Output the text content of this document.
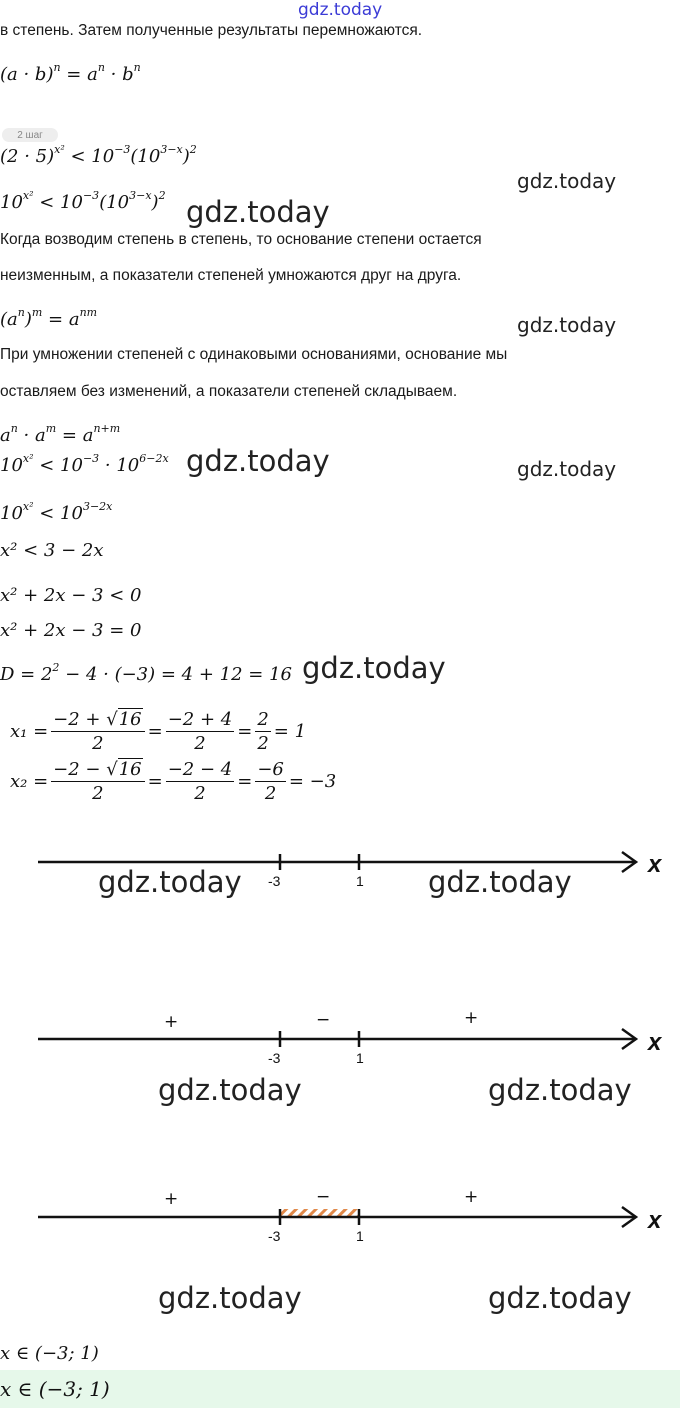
gdz.today
в степень. Затем полученные результаты перемножаются.
$(a \cdot b)^n = a^n \cdot b^n$
2 шаг
$(2 \cdot 5)^{x^2} < 10^{-3}(10^{3-x})^2$
gdz.today
$10^{x^2} < 10^{-3}(10^{3-x})^2$ gdz.today
Когда возводим степень в степень, то основание степени остается
неизменным, а показатели степеней умножаются друг на друга.
$(a^n)^m = a^{nm}$
gdz.today
При умножении степеней с одинаковыми основаниями, основание мы
оставляем без изменений, а показатели степеней складываем.
$a^n \cdot a^m = a^{n+m}$
$10^{x^2} < 10^{-3} \cdot 10^{6-2x}$ gdz.today	gdz.today
$10^{x^2} < 10^{3-2x}$
x² < 3 − 2x
x² + 2x − 3 < 0
x² + 2x − 3 = 0
$D = 2^2 - 4 \cdot (-3) = 4 + 12 = 16$ gdz.today
$x_1 = \frac{-2 + √16}{2} = \frac{-2 + 4}{2} = \frac{2}{2} = 1$
$x_2 = \frac{-2 - √16}{2} = \frac{-2 - 4}{2} = \frac{-6}{2} = -3$
-3	1
x
gdz.today	gdz.today
-3	1
x
+	−	+
gdz.today	gdz.today
-3	1
x
+	−	+
gdz.today	gdz.today
x ∈ (−3; 1)
x ∈ (−3; 1)
